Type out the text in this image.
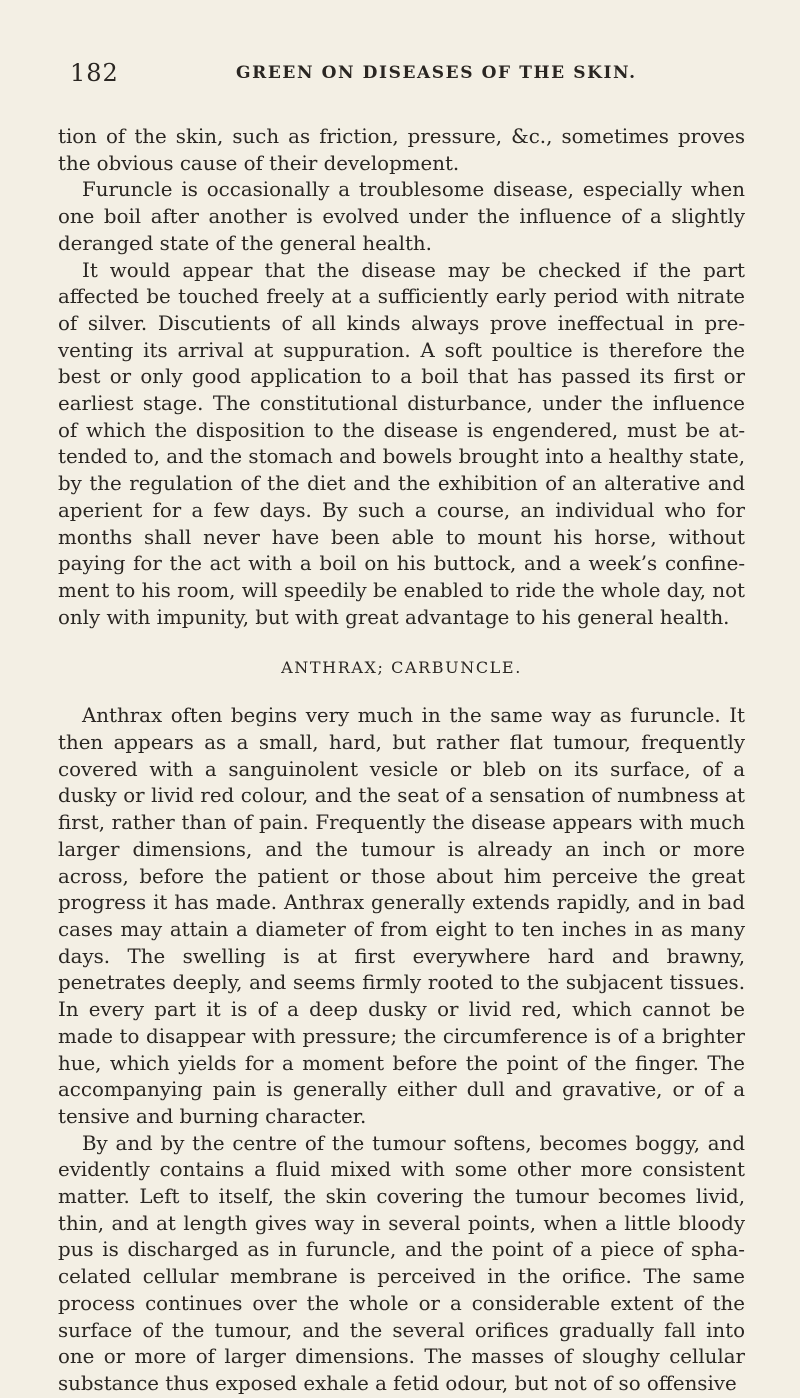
182	GREEN ON DISEASES OF THE SKIN.

tion of the skin, such as friction, pressure, &c., sometimes proves the obvious cause of their development.

Furuncle is occasionally a troublesome disease, especially when one boil after another is evolved under the influence of a slightly deranged state of the general health.

It would appear that the disease may be checked if the part affected be touched freely at a sufficiently early period with nitrate of silver. Discutients of all kinds always prove ineffectual in pre-venting its arrival at suppuration. A soft poultice is therefore the best or only good application to a boil that has passed its first or earliest stage. The constitutional disturbance, under the influence of which the disposition to the disease is engendered, must be at-tended to, and the stomach and bowels brought into a healthy state, by the regulation of the diet and the exhibition of an alterative and aperient for a few days. By such a course, an individual who for months shall never have been able to mount his horse, without paying for the act with a boil on his buttock, and a week’s confine-ment to his room, will speedily be enabled to ride the whole day, not only with impunity, but with great advantage to his general health.

ANTHRAX; CARBUNCLE.

Anthrax often begins very much in the same way as furuncle. It then appears as a small, hard, but rather flat tumour, frequently covered with a sanguinolent vesicle or bleb on its surface, of a dusky or livid red colour, and the seat of a sensation of numbness at first, rather than of pain. Frequently the disease appears with much larger dimensions, and the tumour is already an inch or more across, before the patient or those about him perceive the great progress it has made. Anthrax generally extends rapidly, and in bad cases may attain a diameter of from eight to ten inches in as many days. The swelling is at first everywhere hard and brawny, penetrates deeply, and seems firmly rooted to the subjacent tissues. In every part it is of a deep dusky or livid red, which cannot be made to disappear with pressure; the circumference is of a brighter hue, which yields for a moment before the point of the finger. The accompanying pain is generally either dull and gravative, or of a tensive and burning character.

By and by the centre of the tumour softens, becomes boggy, and evidently contains a fluid mixed with some other more consistent matter. Left to itself, the skin covering the tumour becomes livid, thin, and at length gives way in several points, when a little bloody pus is discharged as in furuncle, and the point of a piece of spha-celated cellular membrane is perceived in the orifice. The same process continues over the whole or a considerable extent of the surface of the tumour, and the several orifices gradually fall into one or more of larger dimensions. The masses of sloughy cellular substance thus exposed exhale a fetid odour, but not of so offensive
